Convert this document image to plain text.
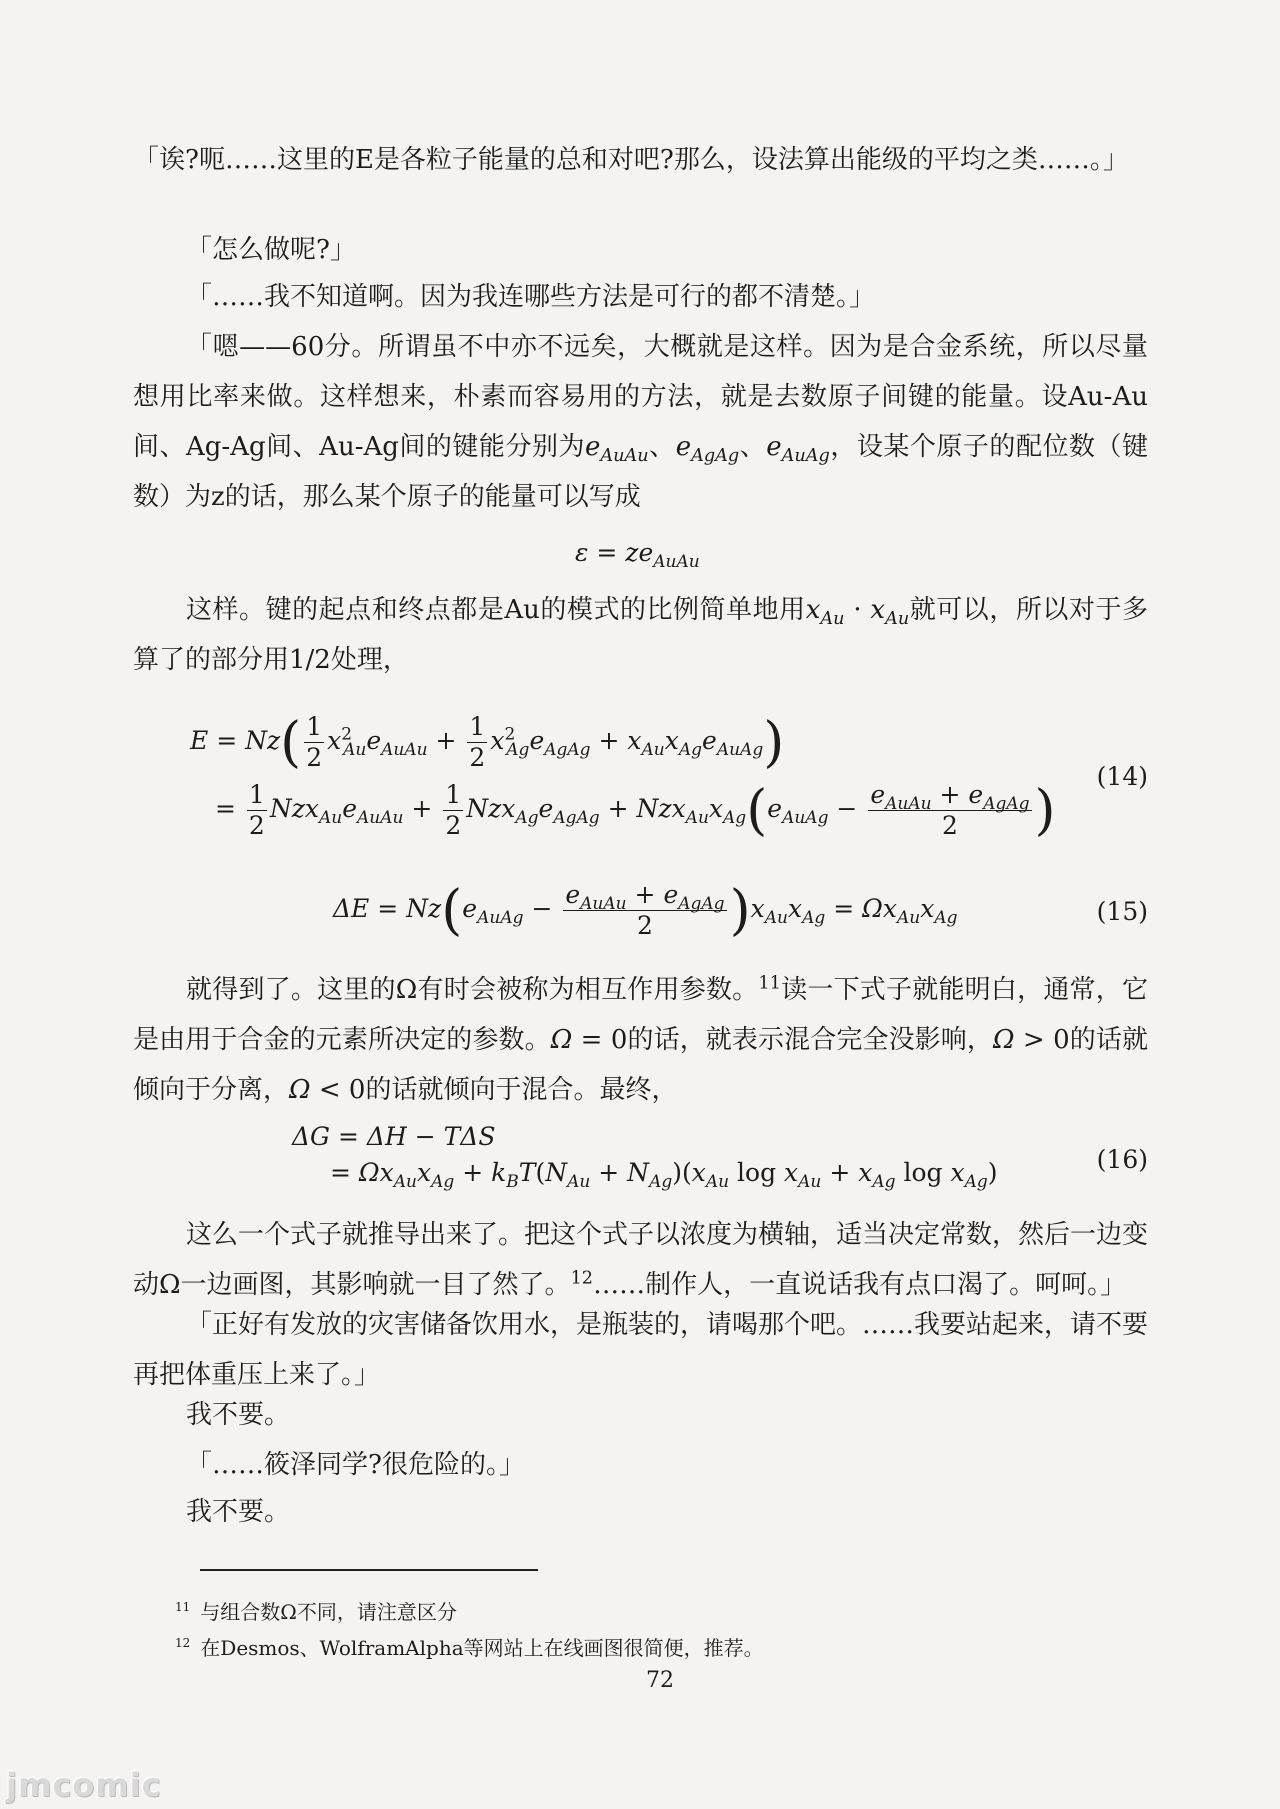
「诶?呃……这里的E是各粒子能量的总和对吧?那么，设法算出能级的平均之类……。」

「怎么做呢?」

「……我不知道啊。因为我连哪些方法是可行的都不清楚。」

「嗯——60分。所谓虽不中亦不远矣，大概就是这样。因为是合金系统，所以尽量想用比率来做。这样想来，朴素而容易用的方法，就是去数原子间键的能量。设Au-Au间、Ag-Ag间、Au-Ag间的键能分别为$e_{AuAu}$、$e_{AgAg}$、$e_{AuAg}$，设某个原子的配位数（键数）为z的话，那么某个原子的能量可以写成

$\varepsilon = ze_{AuAu}$

这样。键的起点和终点都是Au的模式的比例简单地用$x_{Au} \cdot x_{Au}$就可以，所以对于多算了的部分用1/2处理，

$E = Nz( \frac{1}{2} x^2_{Au}e_{AuAu} + \frac{1}{2} x^2_{Ag}e_{AgAg} + x_{Au}x_{Ag}e_{AuAg})$
= $\frac{1}{2} Nzx_{Au}e_{AuAu} + \frac{1}{2} Nzx_{Ag}e_{AgAg} + Nzx_{Au}x_{Ag}(e_{AuAg} - \frac{e_{AuAu} + e_{AgAg}}{2}$ )
(14)
$\Delta E = Nz(e_{AuAg} - \frac{e_{AuAu} + e_{AgAg}}{2} )x_{Au}x_{Ag} = \Omega x_{Au}x_{Ag}$	(15)

就得到了。这里的Ω有时会被称为相互作用参数。$^{11}$读一下式子就能明白，通常，它是由用于合金的元素所决定的参数。Ω = 0的话，就表示混合完全没影响，Ω > 0的话就倾向于分离，Ω < 0的话就倾向于混合。最终，

ΔG = ΔH − TΔS
= $\Omega x_{Au}x_{Ag} + k_BT(N_{Au} + N_{Ag})(x_{Au}$ $\log x_{Au} + x_{Ag}$ $\log x_{Ag}$)	(16)

这么一个式子就推导出来了。把这个式子以浓度为横轴，适当决定常数，然后一边变动Ω一边画图，其影响就一目了然了。$^{12}$……制作人，一直说话我有点口渴了。呵呵。」

「正好有发放的灾害储备饮用水，是瓶装的，请喝那个吧。……我要站起来，请不要再把体重压上来了。」

我不要。

「……筱泽同学?很危险的。」

我不要。

$^{11}$ 与组合数Ω不同，请注意区分
$^{12}$ 在Desmos、WolframAlpha等网站上在线画图很简便，推荐。
72
jmcomic
